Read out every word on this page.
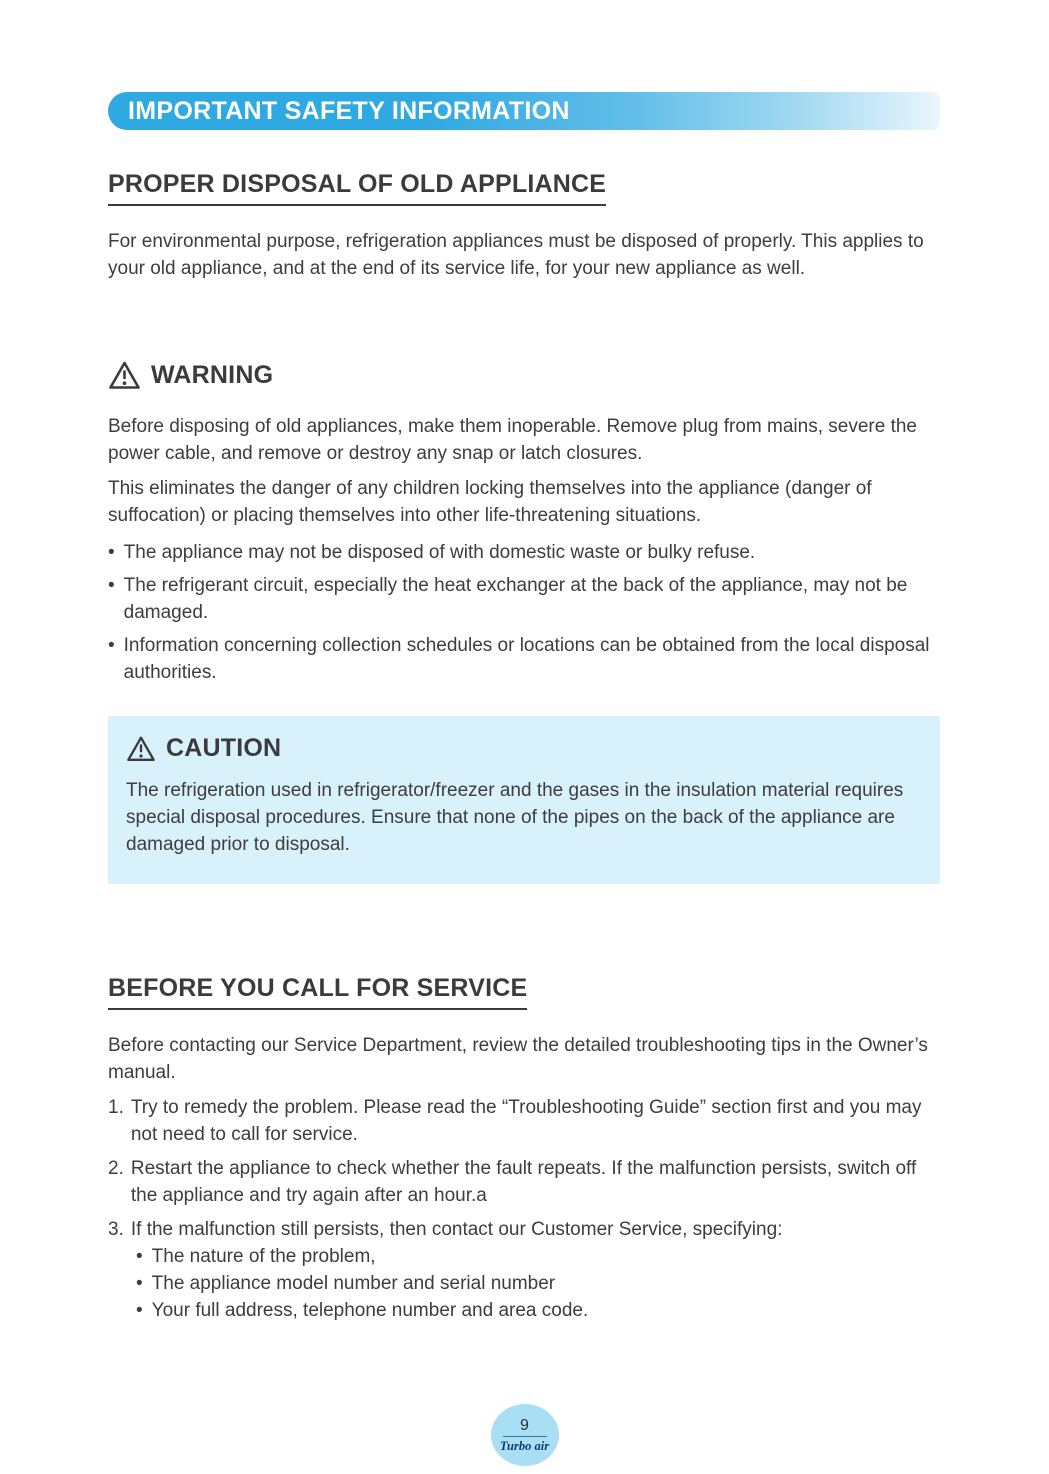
IMPORTANT SAFETY INFORMATION
PROPER DISPOSAL OF OLD APPLIANCE

For environmental purpose, refrigeration appliances must be disposed of properly. This applies to your old appliance, and at the end of its service life, for your new appliance as well.

WARNING

Before disposing of old appliances, make them inoperable. Remove plug from mains, severe the power cable, and remove or destroy any snap or latch closures.

This eliminates the danger of any children locking themselves into the appliance (danger of suffocation) or placing themselves into other life-threatening situations.

• The appliance may not be disposed of with domestic waste or bulky refuse.
• The refrigerant circuit, especially the heat exchanger at the back of the appliance, may not be damaged.
• Information concerning collection schedules or locations can be obtained from the local disposal authorities.
CAUTION

The refrigeration used in refrigerator/freezer and the gases in the insulation material requires special disposal procedures. Ensure that none of the pipes on the back of the appliance are damaged prior to disposal.

BEFORE YOU CALL FOR SERVICE

Before contacting our Service Department, review the detailed troubleshooting tips in the Owner’s manual.

1. Try to remedy the problem. Please read the “Troubleshooting Guide” section first and you may not need to call for service.
2. Restart the appliance to check whether the fault repeats. If the malfunction persists, switch off the appliance and try again after an hour.a
3. If the malfunction still persists, then contact our Customer Service, specifying:
• The nature of the problem,
• The appliance model number and serial number
• Your full address, telephone number and area code.
9
Turbo air
